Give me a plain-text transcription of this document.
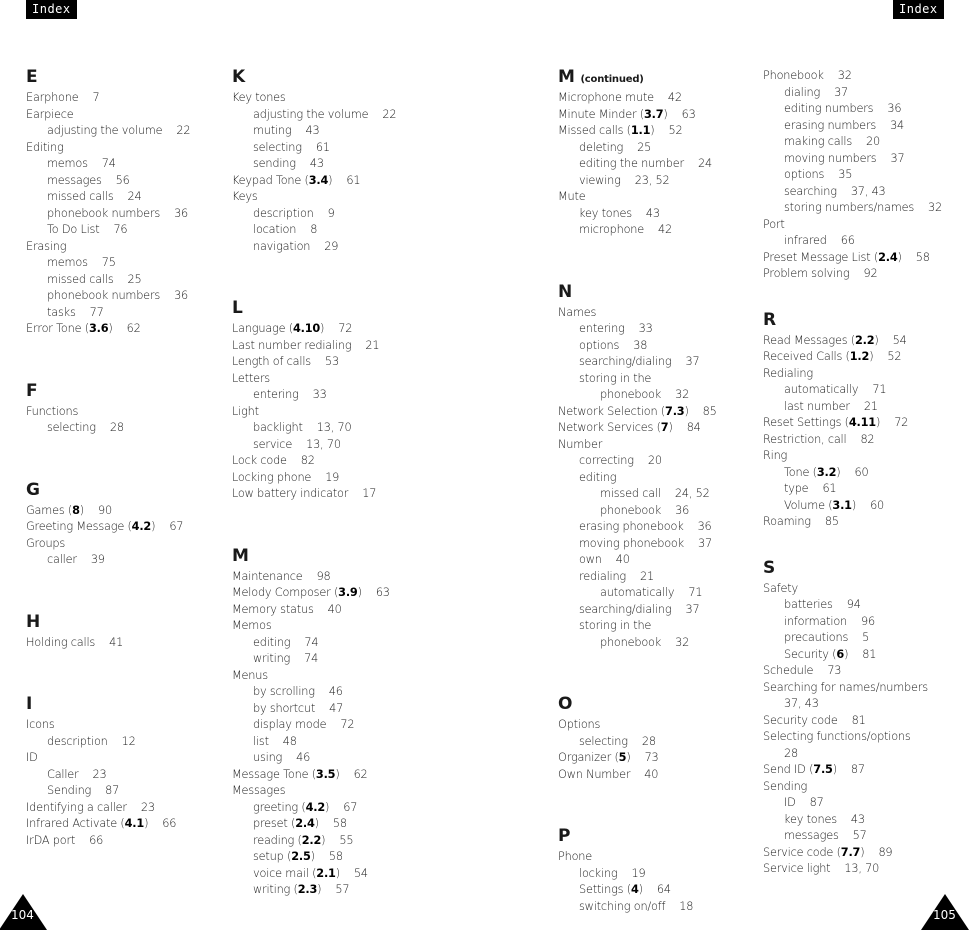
Index	Index
E
Earphone 7
Earpiece
adjusting the volume 22
Editing
memos 74
messages 56
missed calls 24
phonebook numbers 36
To Do List 76
Erasing
memos 75
missed calls 25
phonebook numbers 36
tasks 77
Error Tone (3.6) 62
F
Functions
selecting 28
G
Games (8) 90
Greeting Message (4.2) 67
Groups
caller 39
H
Holding calls 41
I
Icons
description 12
ID
Caller 23
Sending 87
Identifying a caller 23
Infrared Activate (4.1) 66
IrDA port 66
K
Key tones
adjusting the volume 22
muting 43
selecting 61
sending 43
Keypad Tone (3.4) 61
Keys
description 9
location 8
navigation 29
L
Language (4.10) 72
Last number redialing 21
Length of calls 53
Letters
entering 33
Light
backlight 13, 70
service 13, 70
Lock code 82
Locking phone 19
Low battery indicator 17
M
Maintenance 98
Melody Composer (3.9) 63
Memory status 40
Memos
editing 74
writing 74
Menus
by scrolling 46
by shortcut 47
display mode 72
list 48
using 46
Message Tone (3.5) 62
Messages
greeting (4.2) 67
preset (2.4) 58
reading (2.2) 55
setup (2.5) 58
voice mail (2.1) 54
writing (2.3) 57
M (continued)
Microphone mute 42
Minute Minder (3.7) 63
Missed calls (1.1) 52
deleting 25
editing the number 24
viewing 23, 52
Mute
key tones 43
microphone 42
N
Names
entering 33
options 38
searching/dialing 37
storing in the
phonebook 32
Network Selection (7.3) 85
Network Services (7) 84
Number
correcting 20
editing
missed call 24, 52
phonebook 36
erasing phonebook 36
moving phonebook 37
own 40
redialing 21
automatically 71
searching/dialing 37
storing in the
phonebook 32
O
Options
selecting 28
Organizer (5) 73
Own Number 40
P
Phone
locking 19
Settings (4) 64
switching on/off 18
Phonebook 32
dialing 37
editing numbers 36
erasing numbers 34
making calls 20
moving numbers 37
options 35
searching 37, 43
storing numbers/names 32
Port
infrared 66
Preset Message List (2.4) 58
Problem solving 92
R
Read Messages (2.2) 54
Received Calls (1.2) 52
Redialing
automatically 71
last number 21
Reset Settings (4.11) 72
Restriction, call 82
Ring
Tone (3.2) 60
type 61
Volume (3.1) 60
Roaming 85
S
Safety
batteries 94
information 96
precautions 5
Security (6) 81
Schedule 73
Searching for names/numbers
37, 43
Security code 81
Selecting functions/options
28
Send ID (7.5) 87
Sending
ID 87
key tones 43
messages 57
Service code (7.7) 89
Service light 13, 70
104	105
